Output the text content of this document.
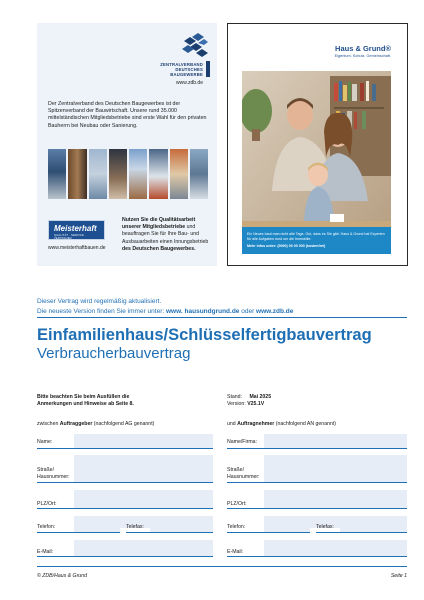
ZENTRALVERBAND
DEUTSCHES
BAUGEWERBE
www.zdb.de
Der Zentralverband des Deutschen Baugewerbes ist der Spitzenverband der Bauwirtschaft. Unsere rund 35.000 mittelständischen Mitgliedsbetriebe sind erste Wahl für den privaten Bauherrn bei Neubau oder Sanierung.
Meisterhaft
QUALITÄT · SERVICE · VERTRAUEN
www.meisterhaftbauen.de
Nutzen Sie die Qualitätsarbeit unserer Mitgliedsbetriebe und beauftragen Sie für Ihre Bau- und Ausbauarbeiten einen Innungsbetrieb des Deutschen Baugewerbes.
Haus & Grund®
Eigentum. Schutz. Gemeinschaft.
Ein Neues baut man nicht alle Tage. Gut, dass es Sie gibt. Haus & Grund hat Experten für alle Aufgaben rund um die Immobilie.
Mehr Infos unter: (0000) 00 00 000 (kostenfrei)
Dieser Vertrag wird regelmäßig aktualisiert.
Die neueste Version finden Sie immer unter: www. hausundgrund.de oder www.zdb.de
Einfamilienhaus/Schlüsselfertigbauvertrag
Verbraucherbauvertrag
Bitte beachten Sie beim Ausfüllen die Anmerkungen und Hinweise ab Seite 8.
Stand: Mai 2025
Version: V25.1V
zwischen Auftraggeber (nachfolgend AG genannt)	und Auftragnehmer (nachfolgend AN genannt)
Name:
Straße/
Hausnummer:
PLZ/Ort:
Telefon:	Telefax:
E-Mail:
Name/Firma:
Straße/
Hausnummer:
PLZ/Ort:
Telefon:	Telefax:
E-Mail:
© ZDB/Haus & Grund	Seite 1
